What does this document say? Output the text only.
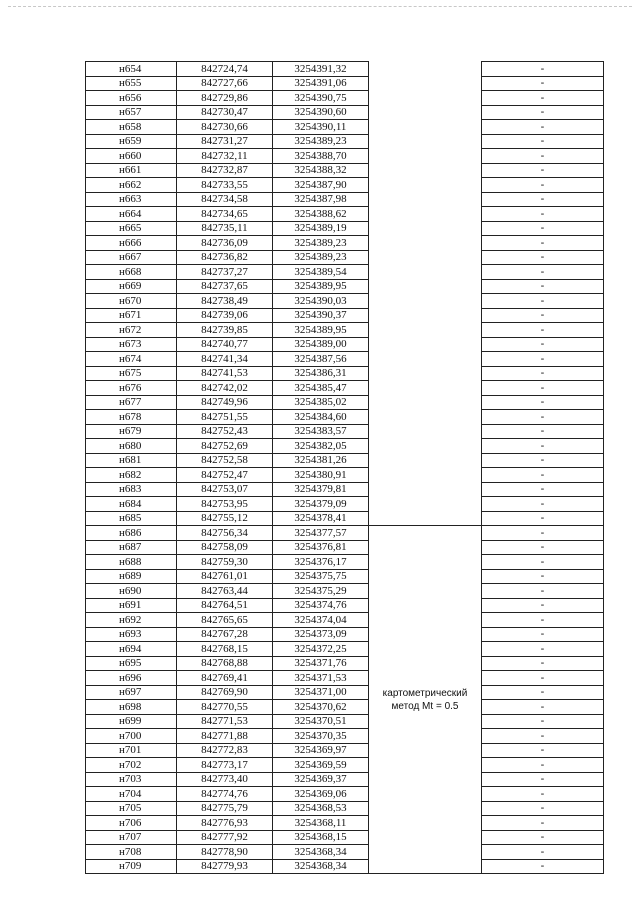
н654	842724,74	3254391,32		-
н655	842727,66	3254391,06		-
н656	842729,86	3254390,75		-
н657	842730,47	3254390,60		-
н658	842730,66	3254390,11		-
н659	842731,27	3254389,23		-
н660	842732,11	3254388,70		-
н661	842732,87	3254388,32		-
н662	842733,55	3254387,90		-
н663	842734,58	3254387,98		-
н664	842734,65	3254388,62		-
н665	842735,11	3254389,19		-
н666	842736,09	3254389,23		-
н667	842736,82	3254389,23		-
н668	842737,27	3254389,54		-
н669	842737,65	3254389,95		-
н670	842738,49	3254390,03		-
н671	842739,06	3254390,37		-
н672	842739,85	3254389,95		-
н673	842740,77	3254389,00		-
н674	842741,34	3254387,56		-
н675	842741,53	3254386,31		-
н676	842742,02	3254385,47		-
н677	842749,96	3254385,02		-
н678	842751,55	3254384,60		-
н679	842752,43	3254383,57		-
н680	842752,69	3254382,05		-
н681	842752,58	3254381,26		-
н682	842752,47	3254380,91		-
н683	842753,07	3254379,81		-
н684	842753,95	3254379,09		-
н685	842755,12	3254378,41		-
н686	842756,34	3254377,57	картометрический метод Mt = 0.5	-
н687	842758,09	3254376,81		-
н688	842759,30	3254376,17		-
н689	842761,01	3254375,75		-
н690	842763,44	3254375,29		-
н691	842764,51	3254374,76		-
н692	842765,65	3254374,04		-
н693	842767,28	3254373,09		-
н694	842768,15	3254372,25		-
н695	842768,88	3254371,76		-
н696	842769,41	3254371,53		-
н697	842769,90	3254371,00		-
н698	842770,55	3254370,62		-
н699	842771,53	3254370,51		-
н700	842771,88	3254370,35		-
н701	842772,83	3254369,97		-
н702	842773,17	3254369,59		-
н703	842773,40	3254369,37		-
н704	842774,76	3254369,06		-
н705	842775,79	3254368,53		-
н706	842776,93	3254368,11		-
н707	842777,92	3254368,15		-
н708	842778,90	3254368,34		-
н709	842779,93	3254368,34		-
